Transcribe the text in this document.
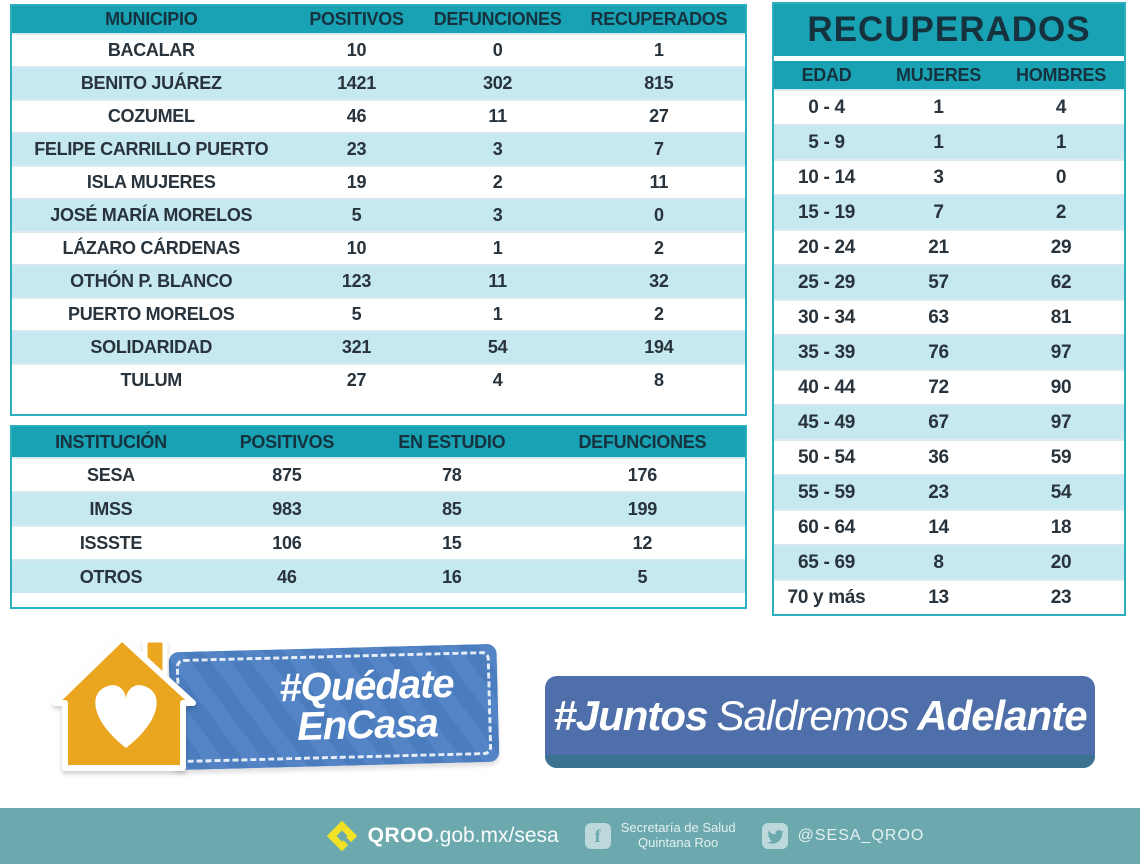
MUNICIPIO	POSITIVOS	DEFUNCIONES	RECUPERADOS
BACALAR	10	0	1
BENITO JUÁREZ	1421	302	815
COZUMEL	46	11	27
FELIPE CARRILLO PUERTO	23	3	7
ISLA MUJERES	19	2	11
JOSÉ MARÍA MORELOS	5	3	0
LÁZARO CÁRDENAS	10	1	2
OTHÓN P. BLANCO	123	11	32
PUERTO MORELOS	5	1	2
SOLIDARIDAD	321	54	194
TULUM	27	4	8
INSTITUCIÓN	POSITIVOS	EN ESTUDIO	DEFUNCIONES
SESA	875	78	176
IMSS	983	85	199
ISSSTE	106	15	12
OTROS	46	16	5
RECUPERADOS
EDAD	MUJERES	HOMBRES
0 - 4	1	4
5 - 9	1	1
10 - 14	3	0
15 - 19	7	2
20 - 24	21	29
25 - 29	57	62
30 - 34	63	81
35 - 39	76	97
40 - 44	72	90
45 - 49	67	97
50 - 54	36	59
55 - 59	23	54
60 - 64	14	18
65 - 69	8	20
70 y más	13	23
#Quédate
EnCasa	#Juntos Saldremos Adelante
QROO.gob.mx/sesa	f	Secretaría de Salud
Quintana Roo	@SESA_QROO
